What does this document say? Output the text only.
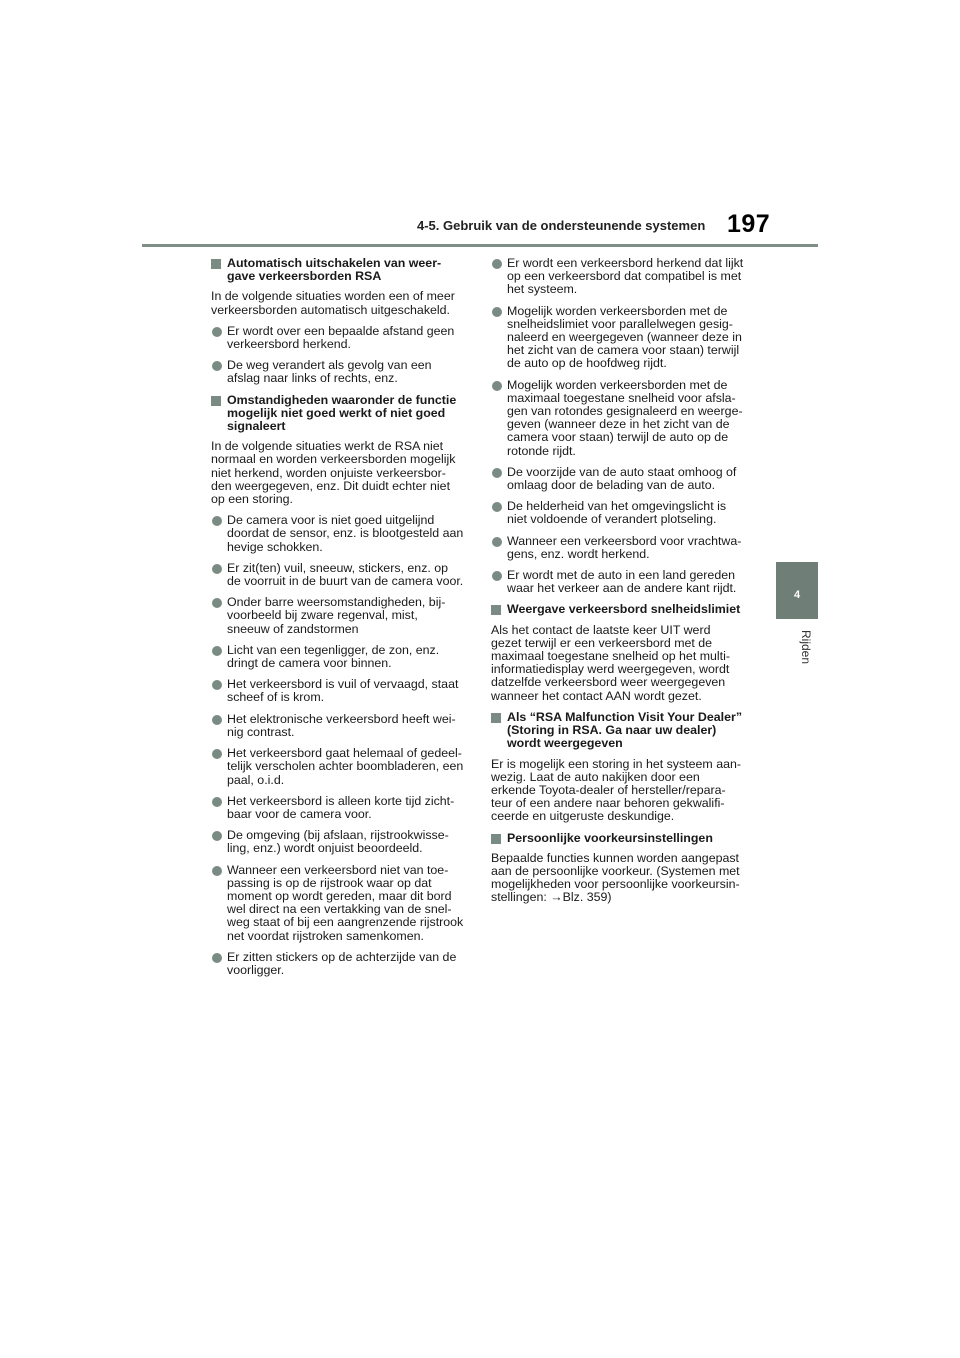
197
4-5. Gebruik van de ondersteunende systemen
4
Rijden
Automatisch uitschakelen van weer-
gave verkeersborden RSA
In de volgende situaties worden een of meer
verkeersborden automatisch uitgeschakeld.
Er wordt over een bepaalde afstand geen
verkeersbord herkend.
De weg verandert als gevolg van een
afslag naar links of rechts, enz.
Omstandigheden waaronder de functie
mogelijk niet goed werkt of niet goed
signaleert
In de volgende situaties werkt de RSA niet
normaal en worden verkeersborden mogelijk
niet herkend, worden onjuiste verkeersbor-
den weergegeven, enz. Dit duidt echter niet
op een storing.
De camera voor is niet goed uitgelijnd
doordat de sensor, enz. is blootgesteld aan
hevige schokken.
Er zit(ten) vuil, sneeuw, stickers, enz. op
de voorruit in de buurt van de camera voor.
Onder barre weersomstandigheden, bij-
voorbeeld bij zware regenval, mist,
sneeuw of zandstormen
Licht van een tegenligger, de zon, enz.
dringt de camera voor binnen.
Het verkeersbord is vuil of vervaagd, staat
scheef of is krom.
Het elektronische verkeersbord heeft wei-
nig contrast.
Het verkeersbord gaat helemaal of gedeel-
telijk verscholen achter boombladeren, een
paal, o.i.d.
Het verkeersbord is alleen korte tijd zicht-
baar voor de camera voor.
De omgeving (bij afslaan, rijstrookwisse-
ling, enz.) wordt onjuist beoordeeld.
Wanneer een verkeersbord niet van toe-
passing is op de rijstrook waar op dat
moment op wordt gereden, maar dit bord
wel direct na een vertakking van de snel-
weg staat of bij een aangrenzende rijstrook
net voordat rijstroken samenkomen.
Er zitten stickers op de achterzijde van de
voorligger.
Er wordt een verkeersbord herkend dat lijkt
op een verkeersbord dat compatibel is met
het systeem.
Mogelijk worden verkeersborden met de
snelheidslimiet voor parallelwegen gesig-
naleerd en weergegeven (wanneer deze in
het zicht van de camera voor staan) terwijl
de auto op de hoofdweg rijdt.
Mogelijk worden verkeersborden met de
maximaal toegestane snelheid voor afsla-
gen van rotondes gesignaleerd en weerge-
geven (wanneer deze in het zicht van de
camera voor staan) terwijl de auto op de
rotonde rijdt.
De voorzijde van de auto staat omhoog of
omlaag door de belading van de auto.
De helderheid van het omgevingslicht is
niet voldoende of verandert plotseling.
Wanneer een verkeersbord voor vrachtwa-
gens, enz. wordt herkend.
Er wordt met de auto in een land gereden
waar het verkeer aan de andere kant rijdt.
Weergave verkeersbord snelheidslimiet
Als het contact de laatste keer UIT werd
gezet terwijl er een verkeersbord met de
maximaal toegestane snelheid op het multi-
informatiedisplay werd weergegeven, wordt
datzelfde verkeersbord weer weergegeven
wanneer het contact AAN wordt gezet.
Als “RSA Malfunction Visit Your Dealer”
(Storing in RSA. Ga naar uw dealer)
wordt weergegeven
Er is mogelijk een storing in het systeem aan-
wezig. Laat de auto nakijken door een
erkende Toyota-dealer of hersteller/repara-
teur of een andere naar behoren gekwalifi-
ceerde en uitgeruste deskundige.
Persoonlijke voorkeursinstellingen
Bepaalde functies kunnen worden aangepast
aan de persoonlijke voorkeur. (Systemen met
mogelijkheden voor persoonlijke voorkeursin-
stellingen: →Blz. 359)
